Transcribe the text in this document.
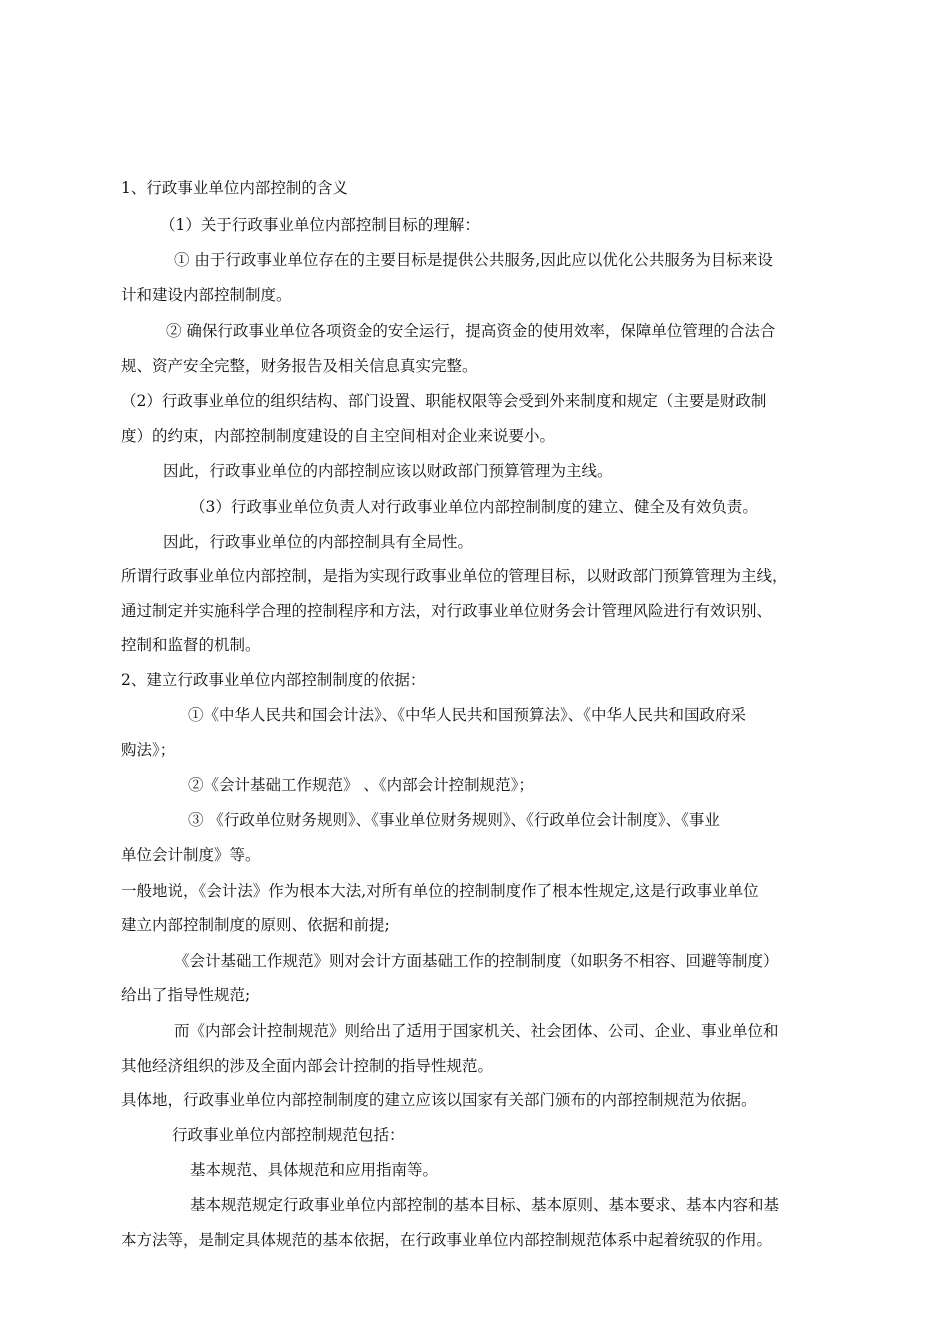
1、行政事业单位内部控制的含义
（1）关于行政事业单位内部控制目标的理解：
① 由于行政事业单位存在的主要目标是提供公共服务,因此应以优化公共服务为目标来设
计和建设内部控制制度。
② 确保行政事业单位各项资金的安全运行，提高资金的使用效率，保障单位管理的合法合
规、资产安全完整，财务报告及相关信息真实完整。
（2）行政事业单位的组织结构、部门设置、职能权限等会受到外来制度和规定（主要是财政制
度）的约束，内部控制制度建设的自主空间相对企业来说要小。
因此，行政事业单位的内部控制应该以财政部门预算管理为主线。
（3）行政事业单位负责人对行政事业单位内部控制制度的建立、健全及有效负责。
因此，行政事业单位的内部控制具有全局性。
所谓行政事业单位内部控制，是指为实现行政事业单位的管理目标，以财政部门预算管理为主线，
通过制定并实施科学合理的控制程序和方法，对行政事业单位财务会计管理风险进行有效识别、
控制和监督的机制。
2、建立行政事业单位内部控制制度的依据：
①《中华人民共和国会计法》、《中华人民共和国预算法》、《中华人民共和国政府采
购法》；
②《会计基础工作规范》 、《内部会计控制规范》；
③ 《行政单位财务规则》、《事业单位财务规则》、《行政单位会计制度》、《事业
单位会计制度》等。
一般地说，《会计法》作为根本大法,对所有单位的控制制度作了根本性规定,这是行政事业单位
建立内部控制制度的原则、依据和前提;
《会计基础工作规范》则对会计方面基础工作的控制制度（如职务不相容、回避等制度）
给出了指导性规范;
而《内部会计控制规范》则给出了适用于国家机关、社会团体、公司、企业、事业单位和
其他经济组织的涉及全面内部会计控制的指导性规范。
具体地，行政事业单位内部控制制度的建立应该以国家有关部门颁布的内部控制规范为依据。
行政事业单位内部控制规范包括：
基本规范、具体规范和应用指南等。
基本规范规定行政事业单位内部控制的基本目标、基本原则、基本要求、基本内容和基
本方法等，是制定具体规范的基本依据，在行政事业单位内部控制规范体系中起着统驭的作用。
